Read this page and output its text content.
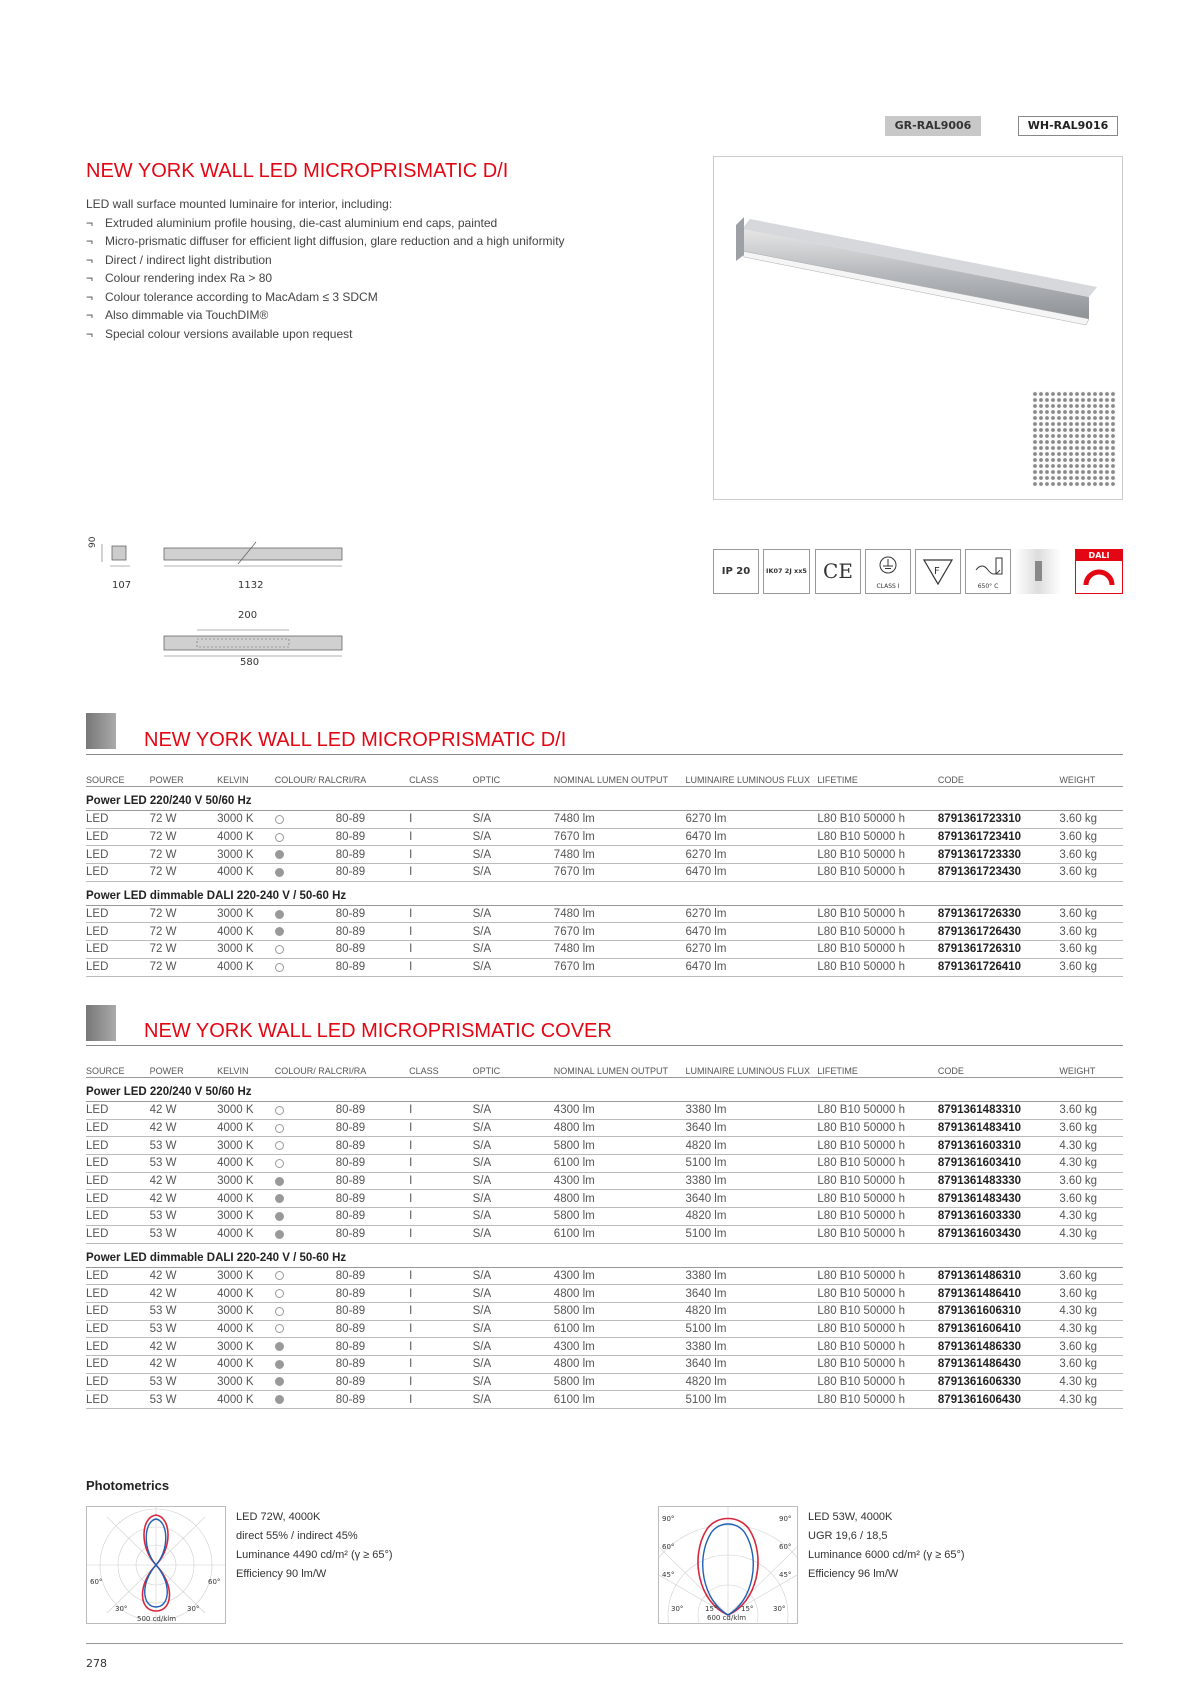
GR-RAL9006	WH-RAL9016
NEW YORK WALL LED MICROPRISMATIC D/I
LED wall surface mounted luminaire for interior, including:
¬ Extruded aluminium profile housing, die-cast aluminium end caps, painted
¬ Micro-prismatic diffuser for efficient light diffusion, glare reduction and a high uniformity
¬ Direct / indirect light distribution
¬ Colour rendering index Ra > 80
¬ Colour tolerance according to MacAdam ≤ 3 SDCM
¬ Also dimmable via TouchDIM®
¬ Special colour versions available upon request
90
107	1132
200
580
IP 20	IK07 2J xx5 CE
CLASS I
F
650° C
DALI
NEW YORK WALL LED MICROPRISMATIC D/I
SOURCE	POWER	KELVIN	COLOUR/ RAL	CRI/RA	CLASS	OPTIC	NOMINAL LUMEN OUTPUT	LUMINAIRE LUMINOUS FLUX	LIFETIME	CODE	WEIGHT
Power LED 220/240 V 50/60 Hz											
LED	72 W	3000 K		80-89	I	S/A	7480 lm	6270 lm	L80 B10 50000 h	8791361723310	3.60 kg
LED	72 W	4000 K		80-89	I	S/A	7670 lm	6470 lm	L80 B10 50000 h	8791361723410	3.60 kg
LED	72 W	3000 K		80-89	I	S/A	7480 lm	6270 lm	L80 B10 50000 h	8791361723330	3.60 kg
LED	72 W	4000 K		80-89	I	S/A	7670 lm	6470 lm	L80 B10 50000 h	8791361723430	3.60 kg
Power LED dimmable DALI 220-240 V / 50-60 Hz											
LED	72 W	3000 K		80-89	I	S/A	7480 lm	6270 lm	L80 B10 50000 h	8791361726330	3.60 kg
LED	72 W	4000 K		80-89	I	S/A	7670 lm	6470 lm	L80 B10 50000 h	8791361726430	3.60 kg
LED	72 W	3000 K		80-89	I	S/A	7480 lm	6270 lm	L80 B10 50000 h	8791361726310	3.60 kg
LED	72 W	4000 K		80-89	I	S/A	7670 lm	6470 lm	L80 B10 50000 h	8791361726410	3.60 kg
NEW YORK WALL LED MICROPRISMATIC COVER
SOURCE	POWER	KELVIN	COLOUR/ RAL	CRI/RA	CLASS	OPTIC	NOMINAL LUMEN OUTPUT	LUMINAIRE LUMINOUS FLUX	LIFETIME	CODE	WEIGHT
Power LED 220/240 V 50/60 Hz											
LED	42 W	3000 K		80-89	I	S/A	4300 lm	3380 lm	L80 B10 50000 h	8791361483310	3.60 kg
LED	42 W	4000 K		80-89	I	S/A	4800 lm	3640 lm	L80 B10 50000 h	8791361483410	3.60 kg
LED	53 W	3000 K		80-89	I	S/A	5800 lm	4820 lm	L80 B10 50000 h	8791361603310	4.30 kg
LED	53 W	4000 K		80-89	I	S/A	6100 lm	5100 lm	L80 B10 50000 h	8791361603410	4.30 kg
LED	42 W	3000 K		80-89	I	S/A	4300 lm	3380 lm	L80 B10 50000 h	8791361483330	3.60 kg
LED	42 W	4000 K		80-89	I	S/A	4800 lm	3640 lm	L80 B10 50000 h	8791361483430	3.60 kg
LED	53 W	3000 K		80-89	I	S/A	5800 lm	4820 lm	L80 B10 50000 h	8791361603330	4.30 kg
LED	53 W	4000 K		80-89	I	S/A	6100 lm	5100 lm	L80 B10 50000 h	8791361603430	4.30 kg
Power LED dimmable DALI 220-240 V / 50-60 Hz											
LED	42 W	3000 K		80-89	I	S/A	4300 lm	3380 lm	L80 B10 50000 h	8791361486310	3.60 kg
LED	42 W	4000 K		80-89	I	S/A	4800 lm	3640 lm	L80 B10 50000 h	8791361486410	3.60 kg
LED	53 W	3000 K		80-89	I	S/A	5800 lm	4820 lm	L80 B10 50000 h	8791361606310	4.30 kg
LED	53 W	4000 K		80-89	I	S/A	6100 lm	5100 lm	L80 B10 50000 h	8791361606410	4.30 kg
LED	42 W	3000 K		80-89	I	S/A	4300 lm	3380 lm	L80 B10 50000 h	8791361486330	3.60 kg
LED	42 W	4000 K		80-89	I	S/A	4800 lm	3640 lm	L80 B10 50000 h	8791361486430	3.60 kg
LED	53 W	3000 K		80-89	I	S/A	5800 lm	4820 lm	L80 B10 50000 h	8791361606330	4.30 kg
LED	53 W	4000 K		80-89	I	S/A	6100 lm	5100 lm	L80 B10 50000 h	8791361606430	4.30 kg
Photometrics
60°	60°
30°	30°
500 cd/klm
LED 72W, 4000K
direct 55% / indirect 45%
Luminance 4490 cd/m² (γ ≥ 65°)
Efficiency 90 lm/W
90°	90°
60°	60°
45°	45°
30°	15°	15°	30°
600 cd/klm
LED 53W, 4000K
UGR 19,6 / 18,5
Luminance 6000 cd/m² (γ ≥ 65°)
Efficiency 96 lm/W
278
